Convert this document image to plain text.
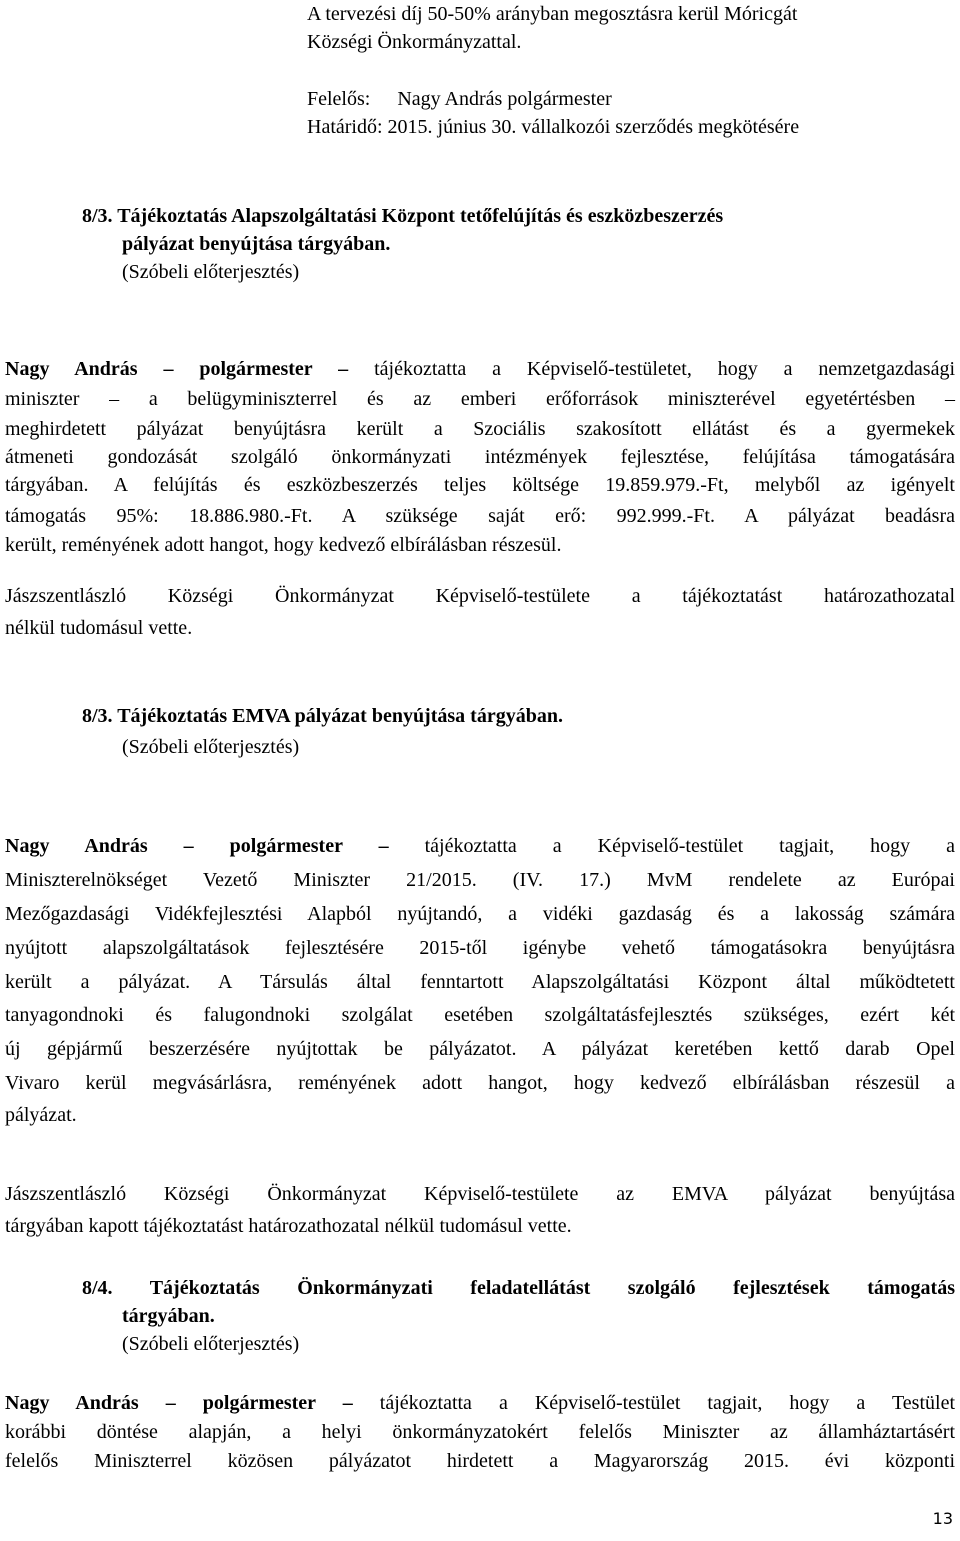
A tervezési díj 50-50% arányban megosztásra kerül Móricgát
Községi Önkormányzattal.
Felelős: Nagy András polgármester
Határidő: 2015. június 30. vállalkozói szerződés megkötésére
8/3. Tájékoztatás Alapszolgáltatási Központ tetőfelújítás és eszközbeszerzés
pályázat benyújtása tárgyában.
(Szóbeli előterjesztés)
Nagy András – polgármester – tájékoztatta a Képviselő-testületet, hogy a nemzetgazdasági
miniszter – a belügyminiszterrel és az emberi erőforrások miniszterével egyetértésben –
meghirdetett pályázat benyújtásra került a Szociális szakosított ellátást és a gyermekek
átmeneti gondozását szolgáló önkormányzati intézmények fejlesztése, felújítása támogatására
tárgyában. A felújítás és eszközbeszerzés teljes költsége 19.859.979.-Ft, melyből az igényelt
támogatás 95%: 18.886.980.-Ft. A szüksége saját erő: 992.999.-Ft. A pályázat beadásra
került, reményének adott hangot, hogy kedvező elbírálásban részesül.
Jászszentlászló Községi Önkormányzat Képviselő-testülete a tájékoztatást határozathozatal
nélkül tudomásul vette.
8/3. Tájékoztatás EMVA pályázat benyújtása tárgyában.
(Szóbeli előterjesztés)
Nagy András – polgármester – tájékoztatta a Képviselő-testület tagjait, hogy a
Miniszterelnökséget Vezető Miniszter 21/2015. (IV. 17.) MvM rendelete az Európai
Mezőgazdasági Vidékfejlesztési Alapból nyújtandó, a vidéki gazdaság és a lakosság számára
nyújtott alapszolgáltatások fejlesztésére 2015-től igénybe vehető támogatásokra benyújtásra
került a pályázat. A Társulás által fenntartott Alapszolgáltatási Központ által működtetett
tanyagondnoki és falugondnoki szolgálat esetében szolgáltatásfejlesztés szükséges, ezért két
új gépjármű beszerzésére nyújtottak be pályázatot. A pályázat keretében kettő darab Opel
Vivaro kerül megvásárlásra, reményének adott hangot, hogy kedvező elbírálásban részesül a
pályázat.
Jászszentlászló Községi Önkormányzat Képviselő-testülete az EMVA pályázat benyújtása
tárgyában kapott tájékoztatást határozathozatal nélkül tudomásul vette.
8/4. Tájékoztatás Önkormányzati feladatellátást szolgáló fejlesztések támogatás
tárgyában.
(Szóbeli előterjesztés)
Nagy András – polgármester – tájékoztatta a Képviselő-testület tagjait, hogy a Testület
korábbi döntése alapján, a helyi önkormányzatokért felelős Miniszter az államháztartásért
felelős Miniszterrel közösen pályázatot hirdetett a Magyarország 2015. évi központi
13
